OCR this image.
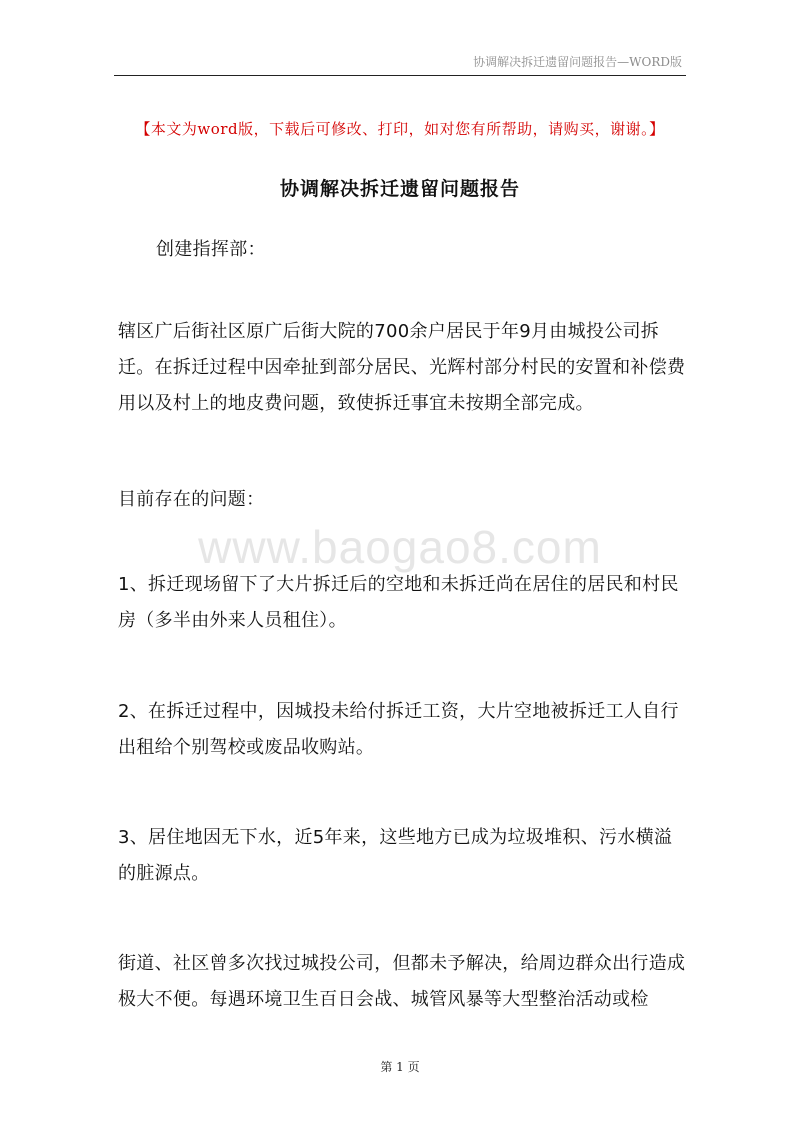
协调解决拆迁遗留问题报告—WORD版
【本文为word版，下载后可修改、打印，如对您有所帮助，请购买，谢谢。】
协调解决拆迁遗留问题报告

创建指挥部：

辖区广后街社区原广后街大院的700余户居民于年9月由城投公司拆迁。在拆迁过程中因牵扯到部分居民、光辉村部分村民的安置和补偿费用以及村上的地皮费问题，致使拆迁事宜未按期全部完成。

目前存在的问题：

www.baogao8.com

1、拆迁现场留下了大片拆迁后的空地和未拆迁尚在居住的居民和村民房（多半由外来人员租住）。

2、在拆迁过程中，因城投未给付拆迁工资，大片空地被拆迁工人自行出租给个别驾校或废品收购站。

3、居住地因无下水，近5年来，这些地方已成为垃圾堆积、污水横溢的脏源点。

街道、社区曾多次找过城投公司，但都未予解决，给周边群众出行造成极大不便。每遇环境卫生百日会战、城管风暴等大型整治活动或检

第 1 页
